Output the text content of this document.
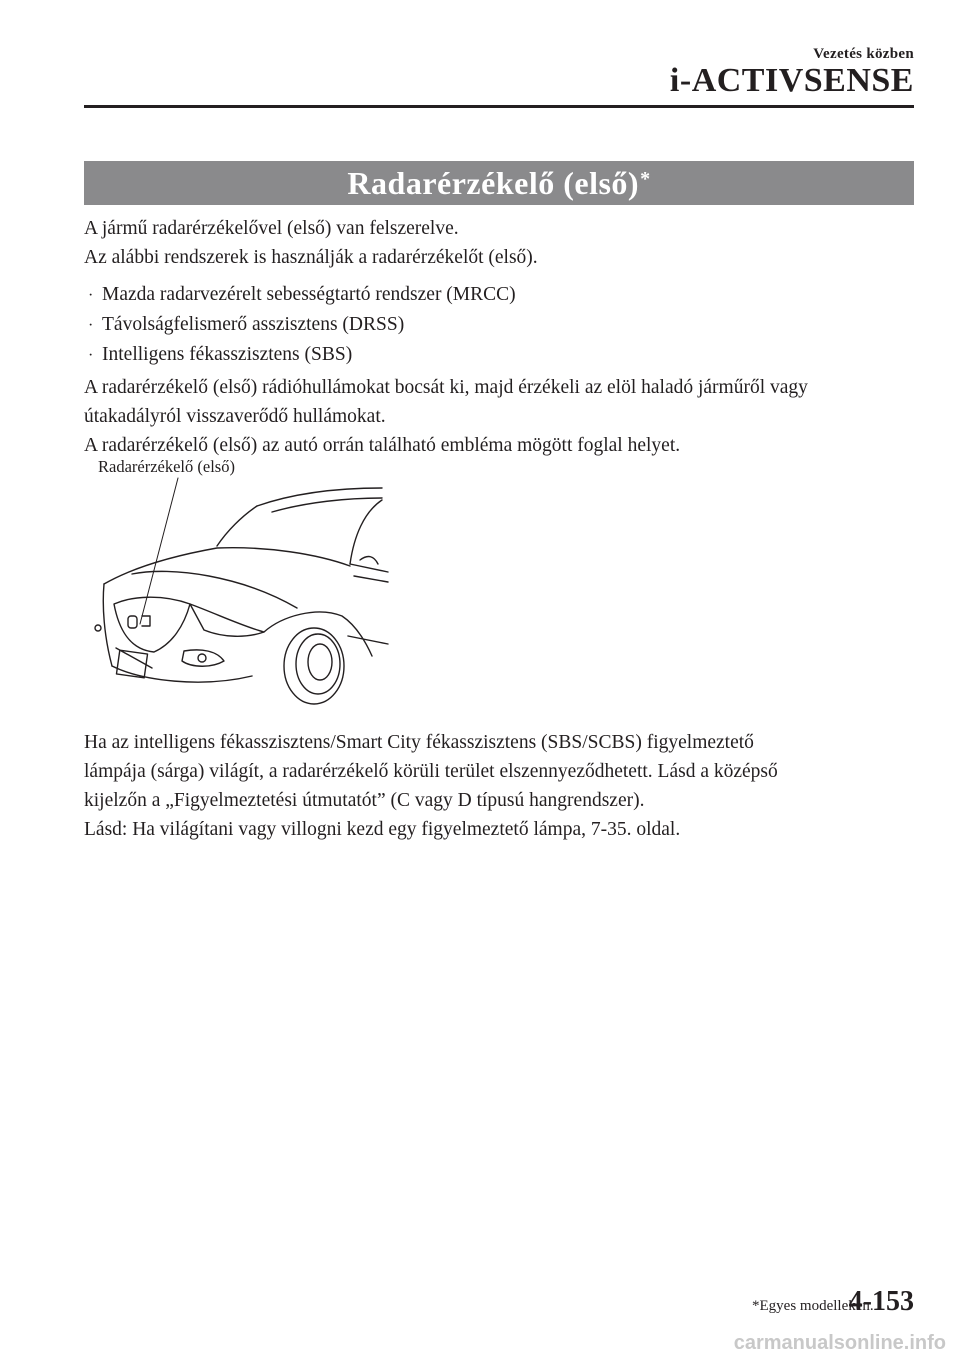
Vezetés közben
i-ACTIVSENSE
Radarérzékelő (első)*
A jármű radarérzékelővel (első) van felszerelve.
Az alábbi rendszerek is használják a radarérzékelőt (első).
· Mazda radarvezérelt sebességtartó rendszer (MRCC)
· Távolságfelismerő asszisztens (DRSS)
· Intelligens fékasszisztens (SBS)
A radarérzékelő (első) rádióhullámokat bocsát ki, majd érzékeli az elöl haladó járműről vagy
útakadályról visszaverődő hullámokat.
A radarérzékelő (első) az autó orrán található embléma mögött foglal helyet.
Radarérzékelő (első)
Ha az intelligens fékasszisztens/Smart City fékasszisztens (SBS/SCBS) figyelmeztető
lámpája (sárga) világít, a radarérzékelő körüli terület elszennyeződhetett. Lásd a középső
kijelzőn a „Figyelmeztetési útmutatót” (C vagy D típusú hangrendszer).
Lásd: Ha világítani vagy villogni kezd egy figyelmeztető lámpa, 7-35. oldal.
*Egyes modelleken.
4-153
carmanualsonline.info
